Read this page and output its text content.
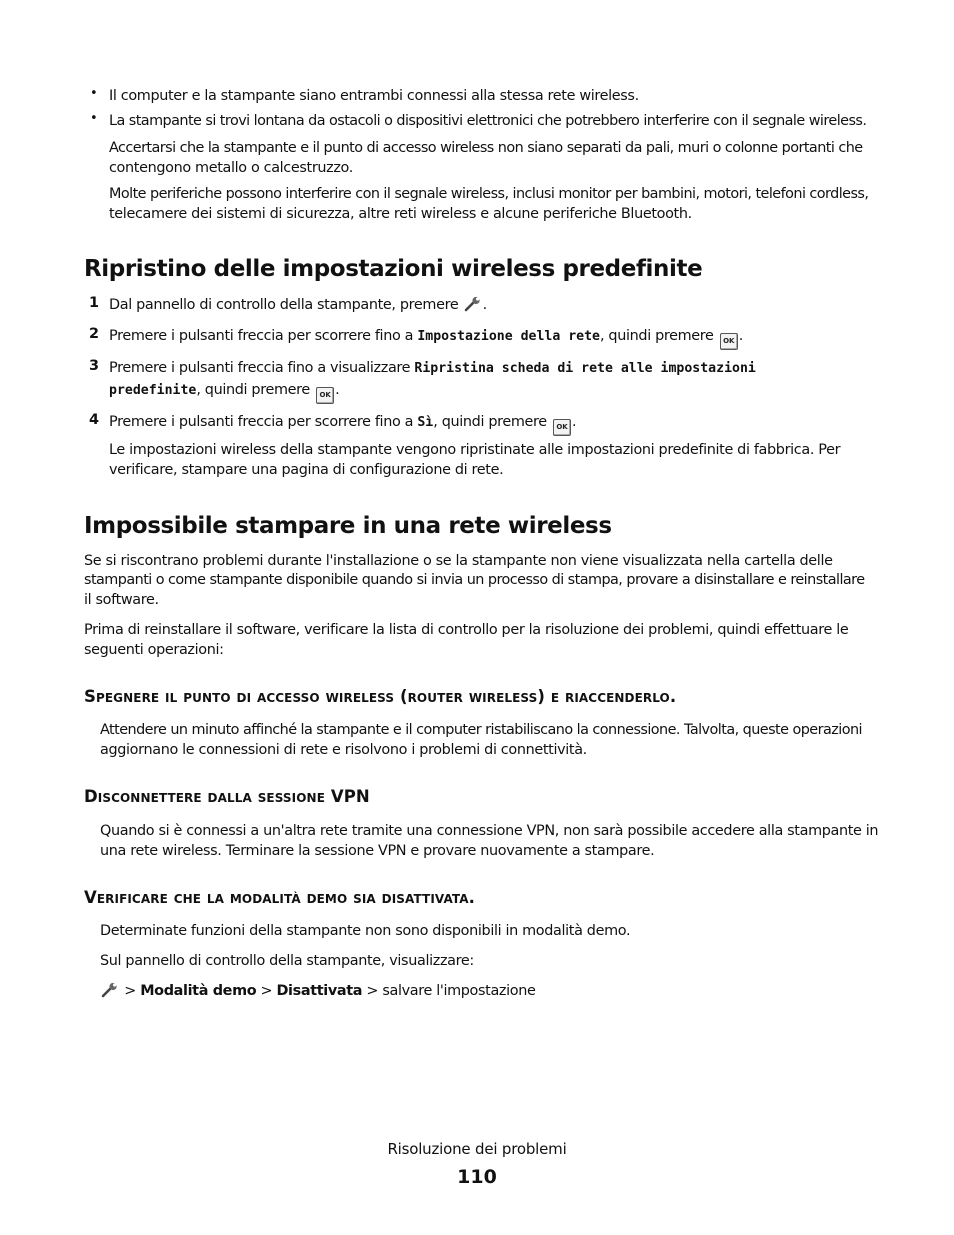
• Il computer e la stampante siano entrambi connessi alla stessa rete wireless.
• La stampante si trovi lontana da ostacoli o dispositivi elettronici che potrebbero interferire con il segnale wireless.
Accertarsi che la stampante e il punto di accesso wireless non siano separati da pali, muri o colonne portanti che
contengono metallo o calcestruzzo.
Molte periferiche possono interferire con il segnale wireless, inclusi monitor per bambini, motori, telefoni cordless,
telecamere dei sistemi di sicurezza, altre reti wireless e alcune periferiche Bluetooth.
Ripristino delle impostazioni wireless predefinite
1 Dal pannello di controllo della stampante, premere .
2 Premere i pulsanti freccia per scorrere fino a Impostazione della rete, quindi premere OK .
3 Premere i pulsanti freccia fino a visualizzare Ripristina scheda di rete alle impostazioni
predefinite, quindi premere OK .
4 Premere i pulsanti freccia per scorrere fino a Sì, quindi premere OK .
Le impostazioni wireless della stampante vengono ripristinate alle impostazioni predefinite di fabbrica. Per
verificare, stampare una pagina di configurazione di rete.
Impossibile stampare in una rete wireless
Se si riscontrano problemi durante l'installazione o se la stampante non viene visualizzata nella cartella delle
stampanti o come stampante disponibile quando si invia un processo di stampa, provare a disinstallare e reinstallare
il software.
Prima di reinstallare il software, verificare la lista di controllo per la risoluzione dei problemi, quindi effettuare le
seguenti operazioni:
Spegnere il punto di accesso wireless (router wireless) e riaccenderlo.
Attendere un minuto affinché la stampante e il computer ristabiliscano la connessione. Talvolta, queste operazioni
aggiornano le connessioni di rete e risolvono i problemi di connettività.
Disconnettere dalla sessione VPN
Quando si è connessi a un'altra rete tramite una connessione VPN, non sarà possibile accedere alla stampante in
una rete wireless. Terminare la sessione VPN e provare nuovamente a stampare.
Verificare che la modalità demo sia disattivata.
Determinate funzioni della stampante non sono disponibili in modalità demo.
Sul pannello di controllo della stampante, visualizzare:
> Modalità demo > Disattivata > salvare l'impostazione
Risoluzione dei problemi
110
